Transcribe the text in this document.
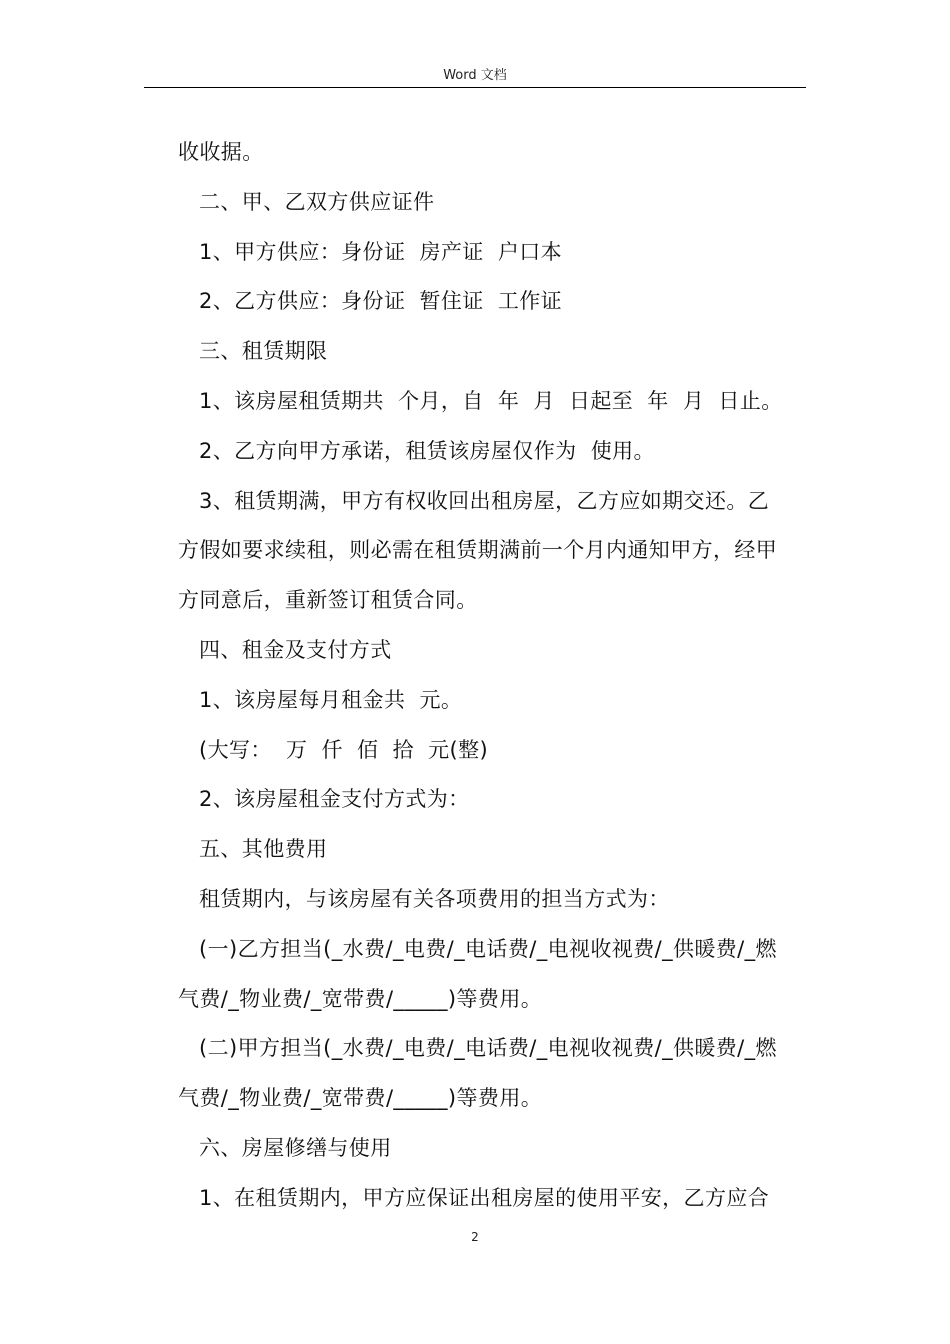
Word 文档
收收据。
二、甲、乙双方供应证件
1、甲方供应：身份证  房产证  户口本
2、乙方供应：身份证  暂住证  工作证
三、租赁期限
1、该房屋租赁期共  个月，自  年  月  日起至  年  月  日止。
2、乙方向甲方承诺，租赁该房屋仅作为  使用。
3、租赁期满，甲方有权收回出租房屋，乙方应如期交还。乙
方假如要求续租，则必需在租赁期满前一个月内通知甲方，经甲
方同意后，重新签订租赁合同。
四、租金及支付方式
1、该房屋每月租金共  元。
(大写：  万  仟  佰  拾  元(整)
2、该房屋租金支付方式为：
五、其他费用
租赁期内，与该房屋有关各项费用的担当方式为：
(一)乙方担当(_水费/_电费/_电话费/_电视收视费/_供暖费/_燃
气费/_物业费/_宽带费/_____)等费用。
(二)甲方担当(_水费/_电费/_电话费/_电视收视费/_供暖费/_燃
气费/_物业费/_宽带费/_____)等费用。
六、房屋修缮与使用
1、在租赁期内，甲方应保证出租房屋的使用平安，乙方应合
2
